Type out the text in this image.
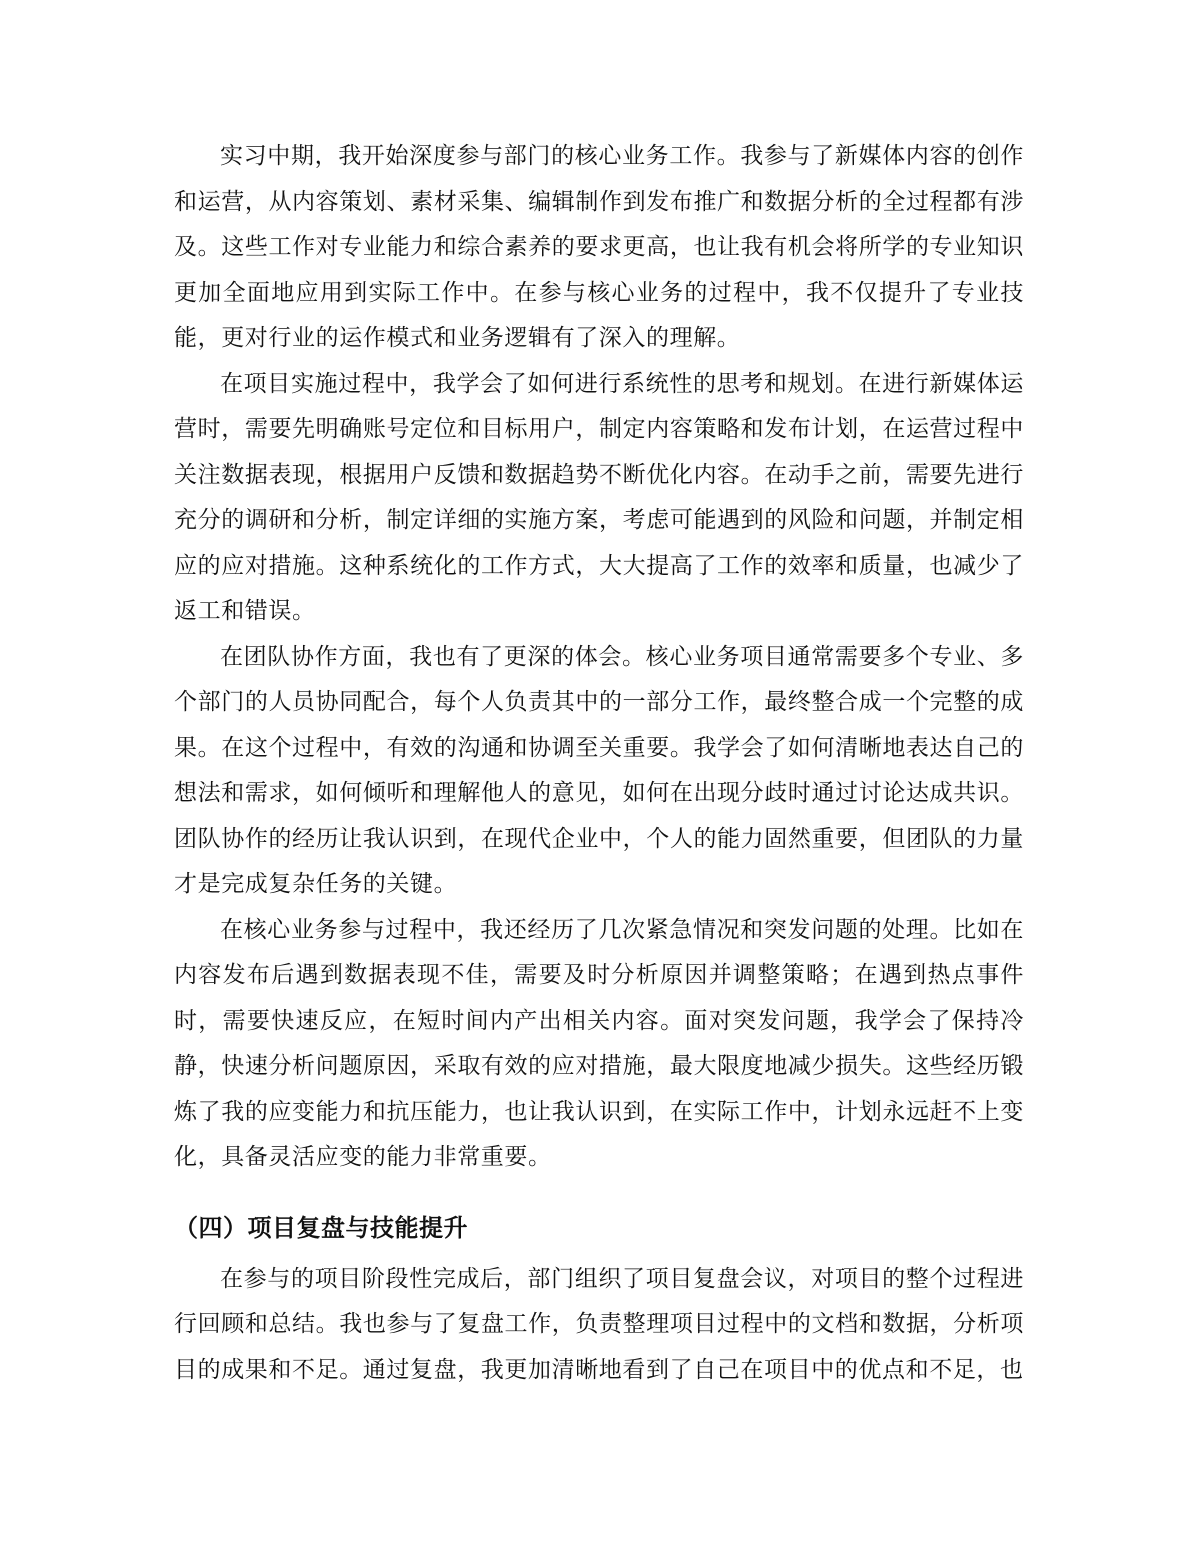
实习中期，我开始深度参与部门的核心业务工作。我参与了新媒体内容的创作和运营，从内容策划、素材采集、编辑制作到发布推广和数据分析的全过程都有涉及。这些工作对专业能力和综合素养的要求更高，也让我有机会将所学的专业知识更加全面地应用到实际工作中。在参与核心业务的过程中，我不仅提升了专业技能，更对行业的运作模式和业务逻辑有了深入的理解。

在项目实施过程中，我学会了如何进行系统性的思考和规划。在进行新媒体运营时，需要先明确账号定位和目标用户，制定内容策略和发布计划，在运营过程中关注数据表现，根据用户反馈和数据趋势不断优化内容。在动手之前，需要先进行充分的调研和分析，制定详细的实施方案，考虑可能遇到的风险和问题，并制定相应的应对措施。这种系统化的工作方式，大大提高了工作的效率和质量，也减少了返工和错误。

在团队协作方面，我也有了更深的体会。核心业务项目通常需要多个专业、多个部门的人员协同配合，每个人负责其中的一部分工作，最终整合成一个完整的成果。在这个过程中，有效的沟通和协调至关重要。我学会了如何清晰地表达自己的想法和需求，如何倾听和理解他人的意见，如何在出现分歧时通过讨论达成共识。团队协作的经历让我认识到，在现代企业中，个人的能力固然重要，但团队的力量才是完成复杂任务的关键。

在核心业务参与过程中，我还经历了几次紧急情况和突发问题的处理。比如在内容发布后遇到数据表现不佳，需要及时分析原因并调整策略；在遇到热点事件时，需要快速反应，在短时间内产出相关内容。面对突发问题，我学会了保持冷静，快速分析问题原因，采取有效的应对措施，最大限度地减少损失。这些经历锻炼了我的应变能力和抗压能力，也让我认识到，在实际工作中，计划永远赶不上变化，具备灵活应变的能力非常重要。

（四）项目复盘与技能提升

在参与的项目阶段性完成后，部门组织了项目复盘会议，对项目的整个过程进行回顾和总结。我也参与了复盘工作，负责整理项目过程中的文档和数据，分析项目的成果和不足。通过复盘，我更加清晰地看到了自己在项目中的优点和不足，也
